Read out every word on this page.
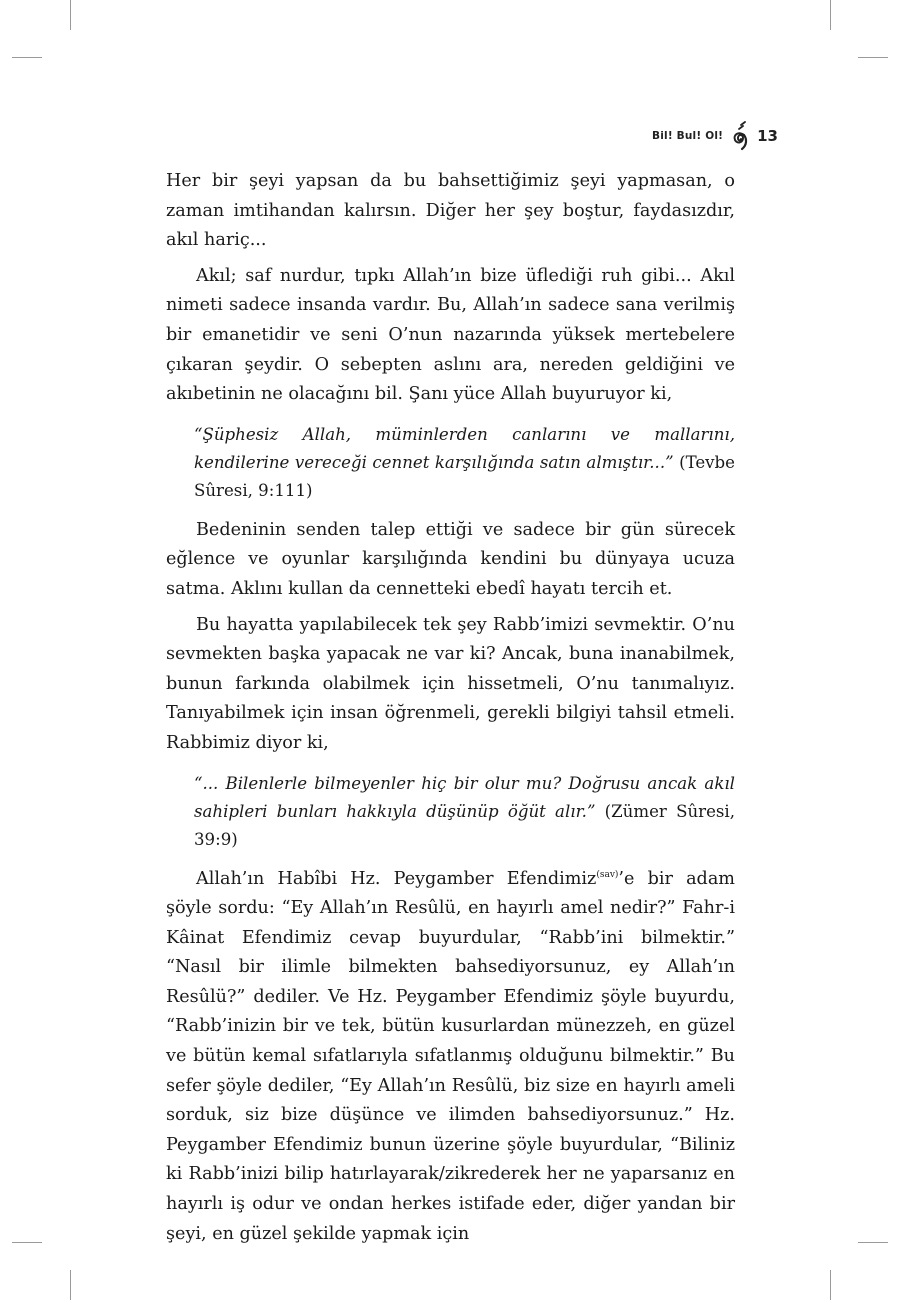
Bil! Bul! Ol! 13

Her bir şeyi yapsan da bu bahsettiğimiz şeyi yapmasan, o zaman imtihandan kalırsın. Diğer her şey boştur, faydasızdır, akıl hariç...

Akıl; saf nurdur, tıpkı Allah’ın bize üflediği ruh gibi... Akıl nimeti sadece insanda vardır. Bu, Allah’ın sadece sana verilmiş bir emanetidir ve seni O’nun nazarında yüksek mertebelere çıkaran şeydir. O sebepten aslını ara, nereden geldiğini ve akıbetinin ne olacağını bil. Şanı yüce Allah buyuruyor ki,

“Şüphesiz Allah, müminlerden canlarını ve mallarını, kendilerine vereceği cennet karşılığında satın almıştır...” (Tevbe Sûresi, 9:111)

Bedeninin senden talep ettiği ve sadece bir gün sürecek eğlence ve oyunlar karşılığında kendini bu dünyaya ucuza satma. Aklını kullan da cennetteki ebedî hayatı tercih et.

Bu hayatta yapılabilecek tek şey Rabb’imizi sevmektir. O’nu sevmekten başka yapacak ne var ki? Ancak, buna inanabilmek, bunun farkında olabilmek için hissetmeli, O’nu tanımalıyız. Tanıyabilmek için insan öğrenmeli, gerekli bilgiyi tahsil etmeli. Rabbimiz diyor ki,

“... Bilenlerle bilmeyenler hiç bir olur mu? Doğrusu ancak akıl sahipleri bunları hakkıyla düşünüp öğüt alır.” (Zümer Sûresi, 39:9)

Allah’ın Habîbi Hz. Peygamber Efendimiz$^{(sav)}$’e bir adam şöyle sordu: “Ey Allah’ın Resûlü, en hayırlı amel nedir?” Fahr-i Kâinat Efendimiz cevap buyurdular, “Rabb’ini bilmektir.” “Nasıl bir ilimle bilmekten bahsediyorsunuz, ey Allah’ın Resûlü?” dediler. Ve Hz. Peygamber Efendimiz şöyle buyurdu, “Rabb’inizin bir ve tek, bütün kusurlardan münezzeh, en güzel ve bütün kemal sıfatlarıyla sıfatlanmış olduğunu bilmektir.” Bu sefer şöyle dediler, “Ey Allah’ın Resûlü, biz size en hayırlı ameli sorduk, siz bize düşünce ve ilimden bahsediyorsunuz.” Hz. Peygamber Efendimiz bunun üzerine şöyle buyurdular, “Biliniz ki Rabb’inizi bilip hatırlayarak/zikrederek her ne yaparsanız en hayırlı iş odur ve ondan herkes istifade eder, diğer yandan bir şeyi, en güzel şekilde yapmak için
